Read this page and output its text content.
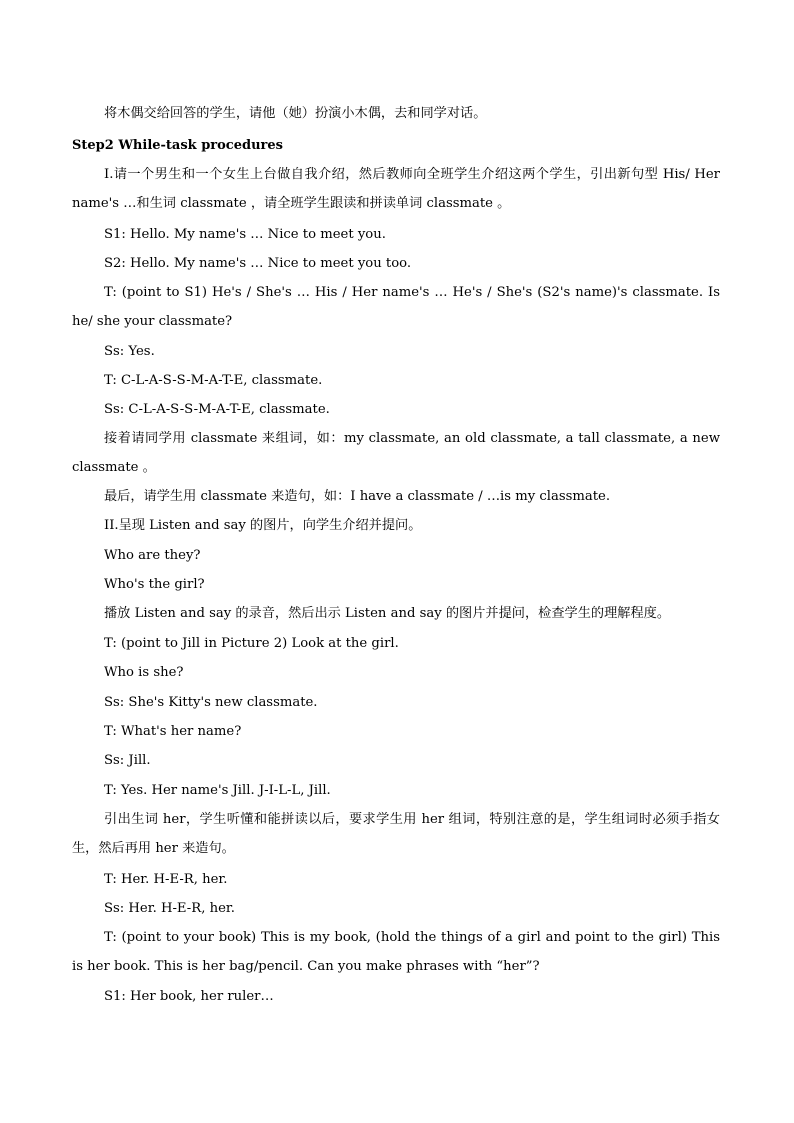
将木偶交给回答的学生，请他（她）扮演小木偶，去和同学对话。
Step2 While-task procedures
I.请一个男生和一个女生上台做自我介绍，然后教师向全班学生介绍这两个学生，引出新句型 His/ Her name's …和生词 classmate ，请全班学生跟读和拼读单词 classmate 。
S1: Hello. My name's … Nice to meet you.
S2: Hello. My name's … Nice to meet you too.
T: (point to S1) He's / She's … His / Her name's … He's / She's (S2's name)'s classmate. Is he/ she your classmate?
Ss: Yes.
T: C-L-A-S-S-M-A-T-E, classmate.
Ss: C-L-A-S-S-M-A-T-E, classmate.
接着请同学用 classmate 来组词，如：my classmate, an old classmate, a tall classmate, a new classmate 。
最后，请学生用 classmate 来造句，如：I have a classmate / …is my classmate.
II.呈现 Listen and say 的图片，向学生介绍并提问。
Who are they?
Who's the girl?
播放 Listen and say 的录音，然后出示 Listen and say 的图片并提问，检查学生的理解程度。
T: (point to Jill in Picture 2) Look at the girl.
Who is she?
Ss: She's Kitty's new classmate.
T: What's her name?
Ss: Jill.
T: Yes. Her name's Jill. J-I-L-L, Jill.
引出生词 her，学生听懂和能拼读以后，要求学生用 her 组词，特别注意的是，学生组词时必须手指女生，然后再用 her 来造句。
T: Her. H-E-R, her.
Ss: Her. H-E-R, her.
T: (point to your book) This is my book, (hold the things of a girl and point to the girl) This is her book. This is her bag/pencil. Can you make phrases with “her”?
S1: Her book, her ruler…
